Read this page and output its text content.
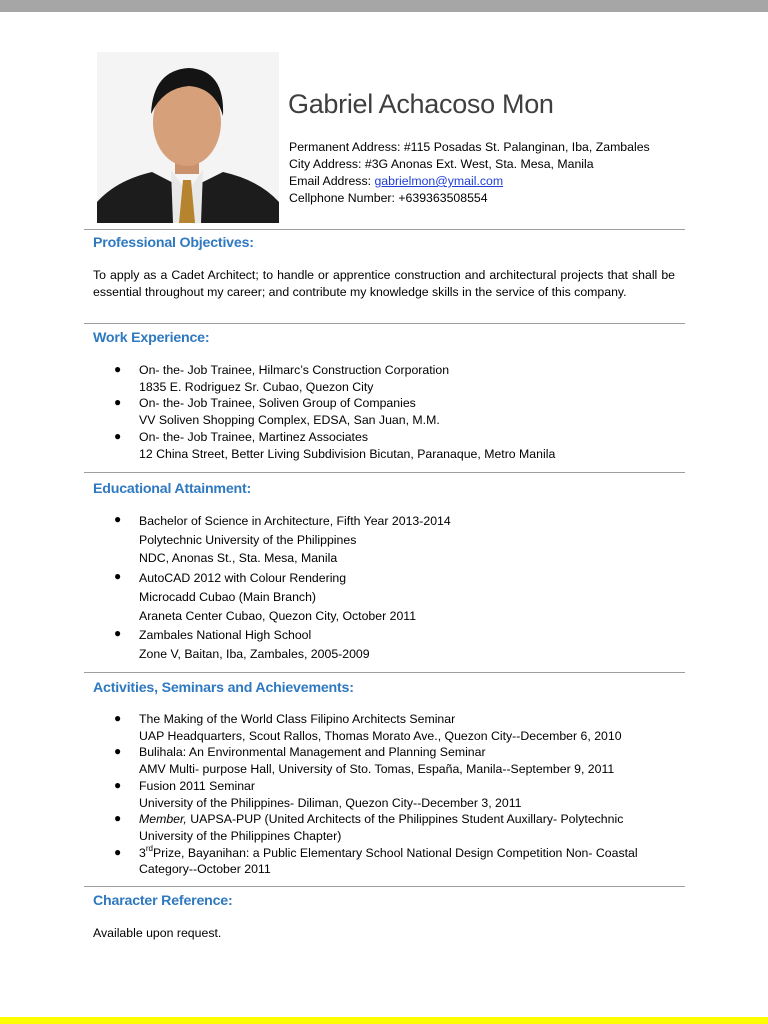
Gabriel Achacoso Mon
Permanent Address: #115 Posadas St. Palanginan, Iba, Zambales
City Address: #3G Anonas Ext. West, Sta. Mesa, Manila
Email Address: gabrielmon@ymail.com
Cellphone Number: +639363508554
Professional Objectives:
To apply as a Cadet Architect; to handle or apprentice construction and architectural projects that shall be essential throughout my career; and contribute my knowledge skills in the service of this company.
Work Experience:
● On- the- Job Trainee, Hilmarc’s Construction Corporation
1835 E. Rodriguez Sr. Cubao, Quezon City
● On- the- Job Trainee, Soliven Group of Companies
VV Soliven Shopping Complex, EDSA, San Juan, M.M.
● On- the- Job Trainee, Martinez Associates
12 China Street, Better Living Subdivision Bicutan, Paranaque, Metro Manila
Educational Attainment:
● Bachelor of Science in Architecture, Fifth Year 2013-2014
Polytechnic University of the Philippines
NDC, Anonas St., Sta. Mesa, Manila
● AutoCAD 2012 with Colour Rendering
Microcadd Cubao (Main Branch)
Araneta Center Cubao, Quezon City, October 2011
● Zambales National High School
Zone V, Baitan, Iba, Zambales, 2005-2009
Activities, Seminars and Achievements:
● The Making of the World Class Filipino Architects Seminar
UAP Headquarters, Scout Rallos, Thomas Morato Ave., Quezon City--December 6, 2010
● Bulihala: An Environmental Management and Planning Seminar
AMV Multi- purpose Hall, University of Sto. Tomas, España, Manila--September 9, 2011
● Fusion 2011 Seminar
University of the Philippines- Diliman, Quezon City--December 3, 2011
● Member, UAPSA-PUP (United Architects of the Philippines Student Auxillary- Polytechnic
University of the Philippines Chapter)
● 3rdPrize, Bayanihan: a Public Elementary School National Design Competition Non- Coastal
Category--October 2011
Character Reference:
Available upon request.
